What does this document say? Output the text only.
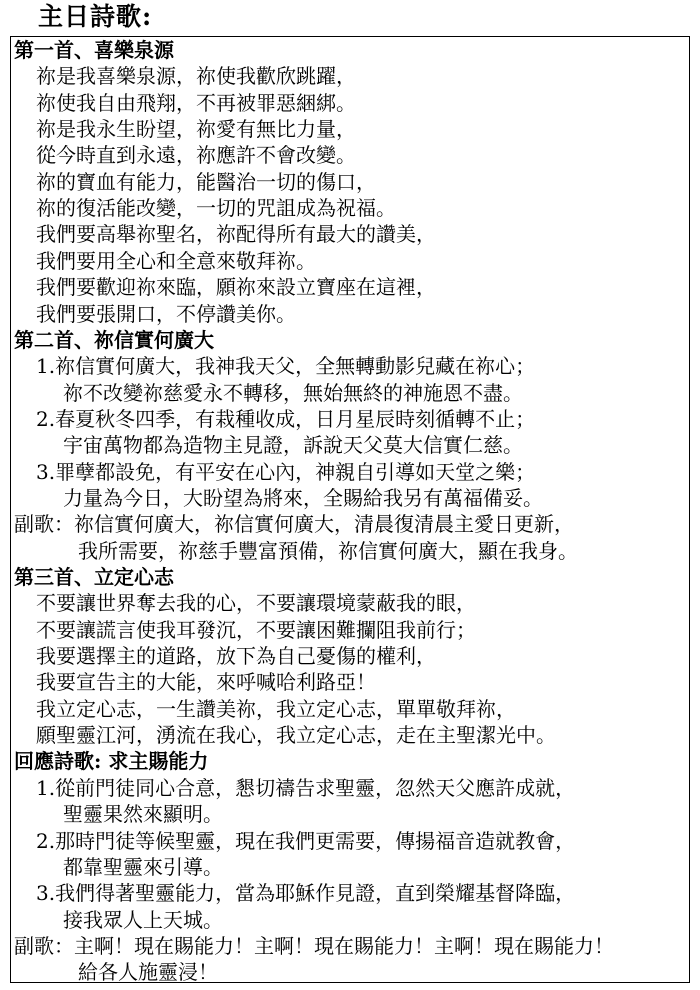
主日詩歌:
第一首、喜樂泉源
祢是我喜樂泉源，祢使我歡欣跳躍，
祢使我自由飛翔，不再被罪惡綑綁。
祢是我永生盼望，祢愛有無比力量，
從今時直到永遠，祢應許不會改變。
祢的寶血有能力，能醫治一切的傷口，
祢的復活能改變，一切的咒詛成為祝福。
我們要高舉祢聖名，祢配得所有最大的讚美，
我們要用全心和全意來敬拜祢。
我們要歡迎祢來臨，願祢來設立寶座在這裡，
我們要張開口，不停讚美你。
第二首、祢信實何廣大
1.祢信實何廣大，我神我天父，全無轉動影兒藏在祢心；
祢不改變祢慈愛永不轉移，無始無終的神施恩不盡。
2.春夏秋冬四季，有栽種收成，日月星辰時刻循轉不止；
宇宙萬物都為造物主見證，訴說天父莫大信實仁慈。
3.罪孽都設免，有平安在心內，神親自引導如天堂之樂；
力量為今日，大盼望為將來，全賜給我另有萬福備妥。
副歌：祢信實何廣大，祢信實何廣大，清晨復清晨主愛日更新，
我所需要，祢慈手豐富預備，祢信實何廣大，顯在我身。
第三首、立定心志
不要讓世界奪去我的心，不要讓環境蒙蔽我的眼，
不要讓謊言使我耳發沉，不要讓困難攔阻我前行；
我要選擇主的道路，放下為自己憂傷的權利，
我要宣告主的大能，來呼喊哈利路亞！
我立定心志，一生讚美祢，我立定心志，單單敬拜祢，
願聖靈江河，湧流在我心，我立定心志，走在主聖潔光中。
回應詩歌: 求主賜能力
1.從前門徒同心合意，懇切禱告求聖靈，忽然天父應許成就，
聖靈果然來顯明。
2.那時門徒等候聖靈，現在我們更需要，傳揚福音造就教會，
都靠聖靈來引導。
3.我們得著聖靈能力，當為耶穌作見證，直到榮耀基督降臨，
接我眾人上天城。
副歌：主啊！現在賜能力！主啊！現在賜能力！主啊！現在賜能力！
給各人施靈浸！
